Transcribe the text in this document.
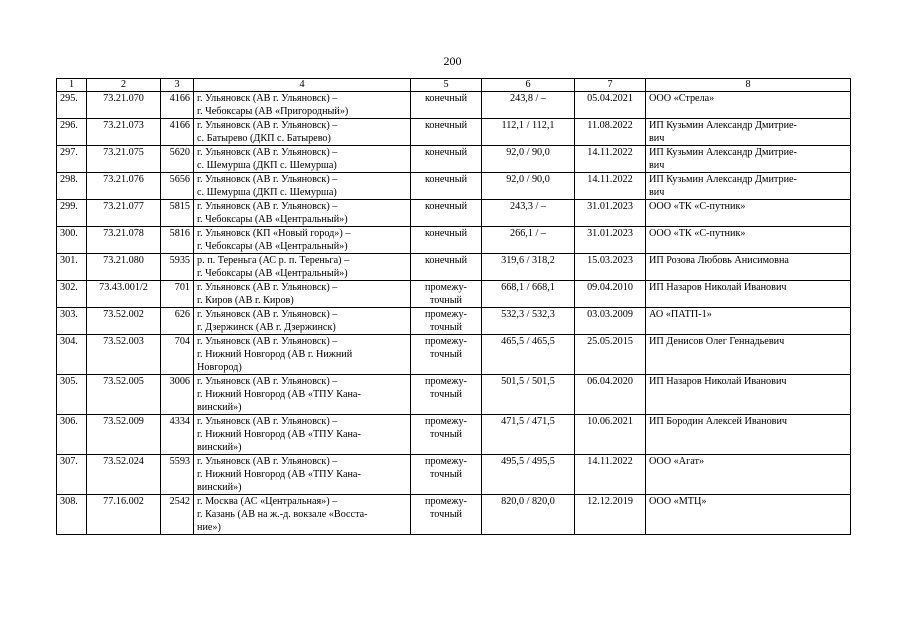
200
1	2	3	4	5	6	7	8
295.	73.21.070	4166	г. Ульяновск (АВ г. Ульяновск) –
г. Чебоксары (АВ «Пригородный»)	конечный	243,8 / –	05.04.2021	ООО «Стрела»

296.	73.21.073	4166	г. Ульяновск (АВ г. Ульяновск) –
с. Батырево (ДКП с. Батырево)	конечный	112,1 / 112,1	11.08.2022	ИП Кузьмин Александр Дмитрие-
вич

297.	73.21.075	5620	г. Ульяновск (АВ г. Ульяновск) –
с. Шемурша (ДКП с. Шемурша)	конечный	92,0 / 90,0	14.11.2022	ИП Кузьмин Александр Дмитрие-
вич

298.	73.21.076	5656	г. Ульяновск (АВ г. Ульяновск) –
с. Шемурша (ДКП с. Шемурша)	конечный	92,0 / 90,0	14.11.2022	ИП Кузьмин Александр Дмитрие-
вич

299.	73.21.077	5815	г. Ульяновск (АВ г. Ульяновск) –
г. Чебоксары (АВ «Центральный»)	конечный	243,3 / –	31.01.2023	ООО «ТК «С-путник»

300.	73.21.078	5816	г. Ульяновск (КП «Новый город») –
г. Чебоксары (АВ «Центральный»)	конечный	266,1 / –	31.01.2023	ООО «ТК «С-путник»

301.	73.21.080	5935	р. п. Тереньга (АС р. п. Тереньга) –
г. Чебоксары (АВ «Центральный»)	конечный	319,6 / 318,2	15.03.2023	ИП Розова Любовь Анисимовна

302.	73.43.001/2	701	г. Ульяновск (АВ г. Ульяновск) –
г. Киров (АВ г. Киров)	промежу-
точный	668,1 / 668,1	09.04.2010	ИП Назаров Николай Иванович

303.	73.52.002	626	г. Ульяновск (АВ г. Ульяновск) –
г. Дзержинск (АВ г. Дзержинск)	промежу-
точный	532,3 / 532,3	03.03.2009	АО «ПАТП-1»

304.	73.52.003	704	г. Ульяновск (АВ г. Ульяновск) –
г. Нижний Новгород (АВ г. Нижний
Новгород)	промежу-
точный	465,5 / 465,5	25.05.2015	ИП Денисов Олег Геннадьевич

305.	73.52.005	3006	г. Ульяновск (АВ г. Ульяновск) –
г. Нижний Новгород (АВ «ТПУ Кана-
винский»)	промежу-
точный	501,5 / 501,5	06.04.2020	ИП Назаров Николай Иванович

306.	73.52.009	4334	г. Ульяновск (АВ г. Ульяновск) –
г. Нижний Новгород (АВ «ТПУ Кана-
винский»)	промежу-
точный	471,5 / 471,5	10.06.2021	ИП Бородин Алексей Иванович

307.	73.52.024	5593	г. Ульяновск (АВ г. Ульяновск) –
г. Нижний Новгород (АВ «ТПУ Кана-
винский»)	промежу-
точный	495,5 / 495,5	14.11.2022	ООО «Агат»

308.	77.16.002	2542	г. Москва (АС «Центральная») –
г. Казань (АВ на ж.-д. вокзале «Восста-
ние»)	промежу-
точный	820,0 / 820,0	12.12.2019	ООО «МТЦ»
